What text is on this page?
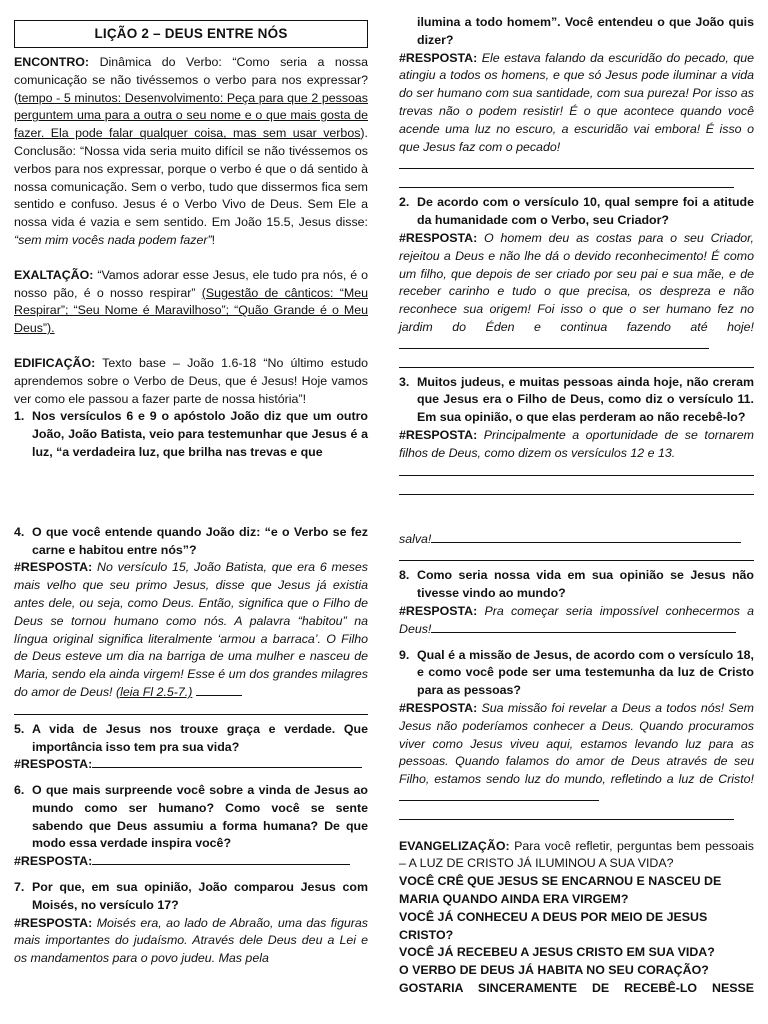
LIÇÃO 2 – DEUS ENTRE NÓS

ENCONTRO: Dinâmica do Verbo: “Como seria a nossa comunicação se não tivéssemos o verbo para nos expressar? (tempo - 5 minutos: Desenvolvimento: Peça para que 2 pessoas perguntem uma para a outra o seu nome e o que mais gosta de fazer. Ela pode falar qualquer coisa, mas sem usar verbos). Conclusão: “Nossa vida seria muito difícil se não tivéssemos os verbos para nos expressar, porque o verbo é que o dá sentido à nossa comunicação. Sem o verbo, tudo que dissermos fica sem sentido e confuso. Jesus é o Verbo Vivo de Deus. Sem Ele a nossa vida é vazia e sem sentido. Em João 15.5, Jesus disse: “sem mim vocês nada podem fazer”!

EXALTAÇÃO: “Vamos adorar esse Jesus, ele tudo pra nós, é o nosso pão, é o nosso respirar” (Sugestão de cânticos: “Meu Respirar”; “Seu Nome é Maravilhoso”; “Quão Grande é o Meu Deus”).

EDIFICAÇÃO: Texto base – João 1.6-18 “No último estudo aprendemos sobre o Verbo de Deus, que é Jesus! Hoje vamos ver como ele passou a fazer parte de nossa história”!

1. Nos versículos 6 e 9 o apóstolo João diz que um outro João, João Batista, veio para testemunhar que Jesus é a luz, “a verdadeira luz, que brilha nas trevas e que

4. O que você entende quando João diz: “e o Verbo se fez carne e habitou entre nós”?

#RESPOSTA: No versículo 15, João Batista, que era 6 meses mais velho que seu primo Jesus, disse que Jesus já existia antes dele, ou seja, como Deus. Então, significa que o Filho de Deus se tornou humano como nós. A palavra “habitou” na língua original significa literalmente ‘armou a barraca’. O Filho de Deus esteve um dia na barriga de uma mulher e nasceu de Maria, sendo ela ainda virgem! Esse é um dos grandes milagres do amor de Deus! (leia Fl 2.5-7.)

5. A vida de Jesus nos trouxe graça e verdade. Que importância isso tem pra sua vida?

#RESPOSTA:

6. O que mais surpreende você sobre a vinda de Jesus ao mundo como ser humano? Como você se sente sabendo que Deus assumiu a forma humana? De que modo essa verdade inspira você?

#RESPOSTA:

7. Por que, em sua opinião, João comparou Jesus com Moisés, no versículo 17?

#RESPOSTA: Moisés era, ao lado de Abraão, uma das figuras mais importantes do judaísmo. Através dele Deus deu a Lei e os mandamentos para o povo judeu. Mas pela

ilumina a todo homem”. Você entendeu o que João quis dizer?

#RESPOSTA: Ele estava falando da escuridão do pecado, que atingiu a todos os homens, e que só Jesus pode iluminar a vida do ser humano com sua santidade, com sua pureza! Por isso as trevas não o podem resistir! É o que acontece quando você acende uma luz no escuro, a escuridão vai embora! É isso o que Jesus faz com o pecado!

2. De acordo com o versículo 10, qual sempre foi a atitude da humanidade com o Verbo, seu Criador?

#RESPOSTA: O homem deu as costas para o seu Criador, rejeitou a Deus e não lhe dá o devido reconhecimento! É como um filho, que depois de ser criado por seu pai e sua mãe, e de receber carinho e tudo o que precisa, os despreza e não reconhece sua origem! Foi isso o que o ser humano fez no jardim do Éden e continua fazendo até hoje!

3. Muitos judeus, e muitas pessoas ainda hoje, não creram que Jesus era o Filho de Deus, como diz o versículo 11. Em sua opinião, o que elas perderam ao não recebê-lo?

#RESPOSTA: Principalmente a oportunidade de se tornarem filhos de Deus, como dizem os versículos 12 e 13.

salva!

8. Como seria nossa vida em sua opinião se Jesus não tivesse vindo ao mundo?

#RESPOSTA: Pra começar seria impossível conhecermos a Deus!

9. Qual é a missão de Jesus, de acordo com o versículo 18, e como você pode ser uma testemunha da luz de Cristo para as pessoas?

#RESPOSTA: Sua missão foi revelar a Deus a todos nós! Sem Jesus não poderíamos conhecer a Deus. Quando procuramos viver como Jesus viveu aqui, estamos levando luz para as pessoas. Quando falamos do amor de Deus através de seu Filho, estamos sendo luz do mundo, refletindo a luz de Cristo!

EVANGELIZAÇÃO: Para você refletir, perguntas bem pessoais – A LUZ DE CRISTO JÁ ILUMINOU A SUA VIDA?

VOCÊ CRÊ QUE JESUS SE ENCARNOU E NASCEU DE MARIA QUANDO AINDA ERA VIRGEM?

VOCÊ JÁ CONHECEU A DEUS POR MEIO DE JESUS CRISTO?

VOCÊ JÁ RECEBEU A JESUS CRISTO EM SUA VIDA?

O VERBO DE DEUS JÁ HABITA NO SEU CORAÇÃO?

GOSTARIA SINCERAMENTE DE RECEBÊ-LO NESSE
